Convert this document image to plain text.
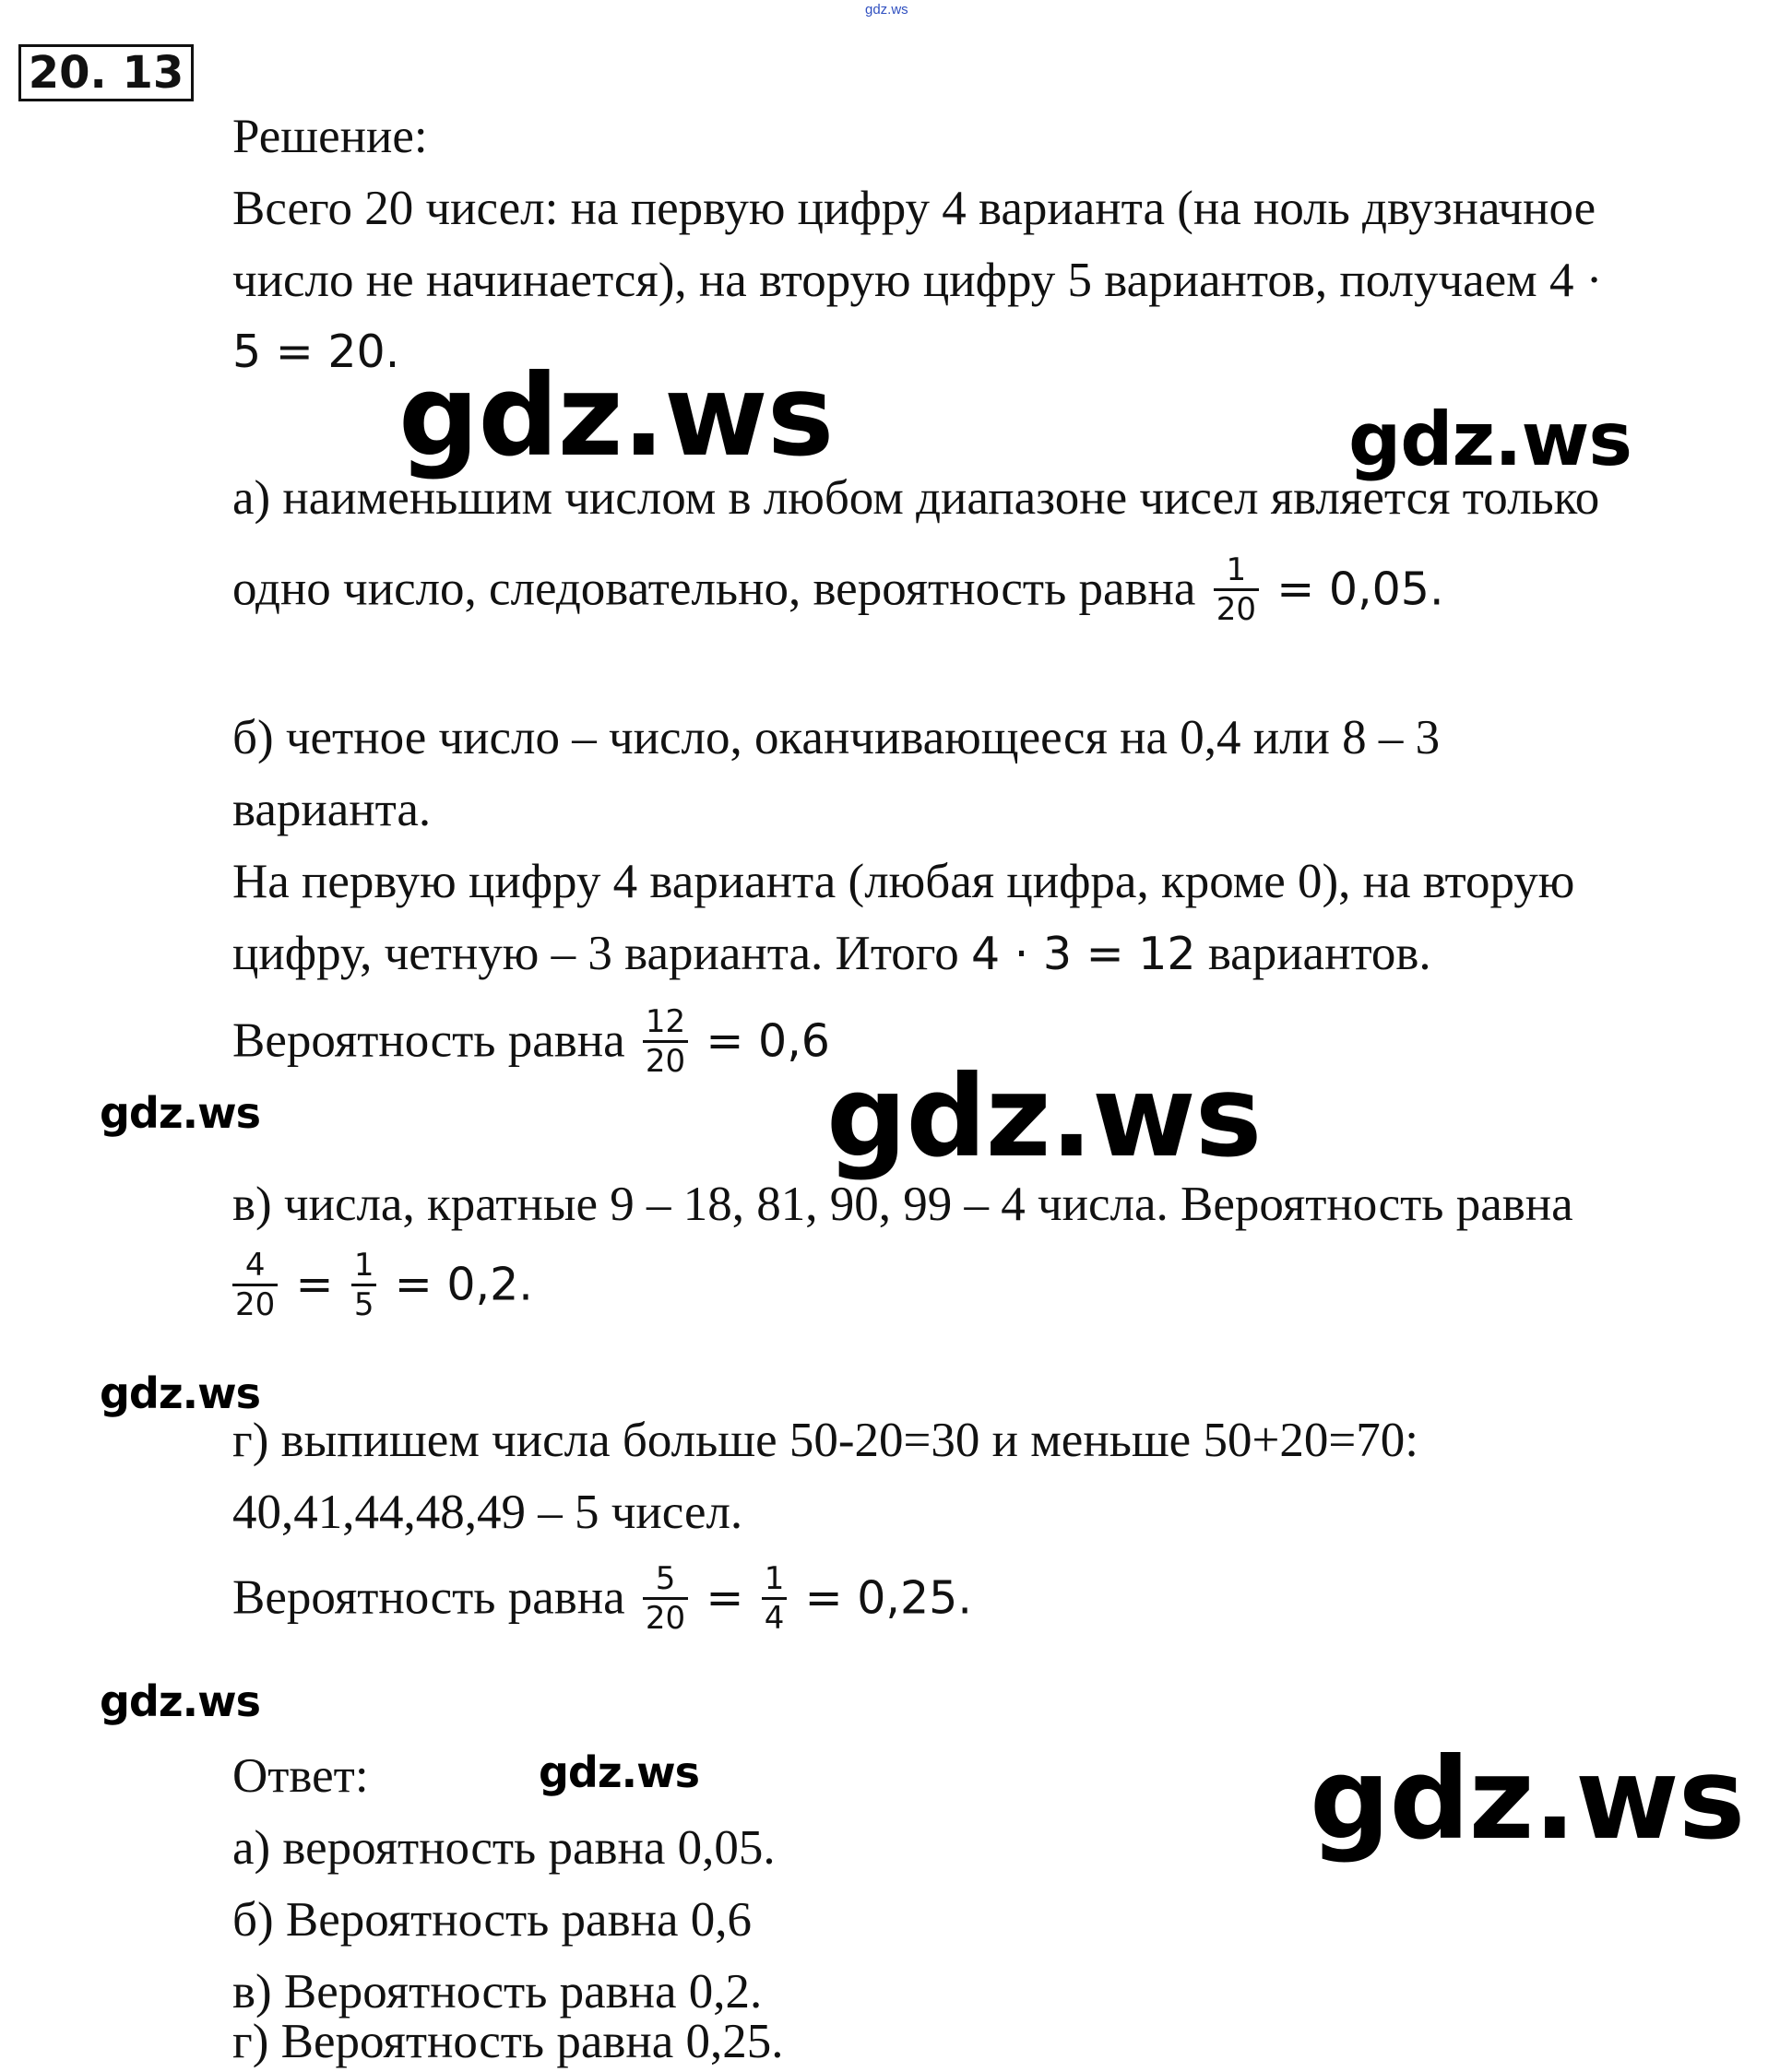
gdz.ws
20. 13
Решение:
Всего 20 чисел: на первую цифру 4 варианта (на ноль двузначное
число не начинается), на вторую цифру 5 вариантов, получаем 4 ·
5 = 20.
а) наименьшим числом в любом диапазоне чисел является только
одно число, следовательно, вероятность равна $\frac{1}{20} = 0,05$.
б) четное число – число, оканчивающееся на 0,4 или 8 – 3
варианта.
На первую цифру 4 варианта (любая цифра, кроме 0), на вторую
цифру, четную – 3 варианта. Итого 4 · 3 = 12 вариантов.
Вероятность равна $\frac{12}{20} = 0,6$
в) числа, кратные 9 – 18, 81, 90, 99 – 4 числа. Вероятность равна
$\frac{4}{20} = \frac{1}{5} = 0,2$.
г) выпишем числа больше 50-20=30 и меньше 50+20=70:
40,41,44,48,49 – 5 чисел.
Вероятность равна $\frac{5}{20} = \frac{1}{4} = 0,25$.
Ответ:
а) вероятность равна 0,05.
б) Вероятность равна 0,6
в) Вероятность равна 0,2.
г) Вероятность равна 0,25.
gdz.ws	gdz.ws
gdz.ws	gdz.ws
gdz.ws
gdz.ws
gdz.ws	gdz.ws
